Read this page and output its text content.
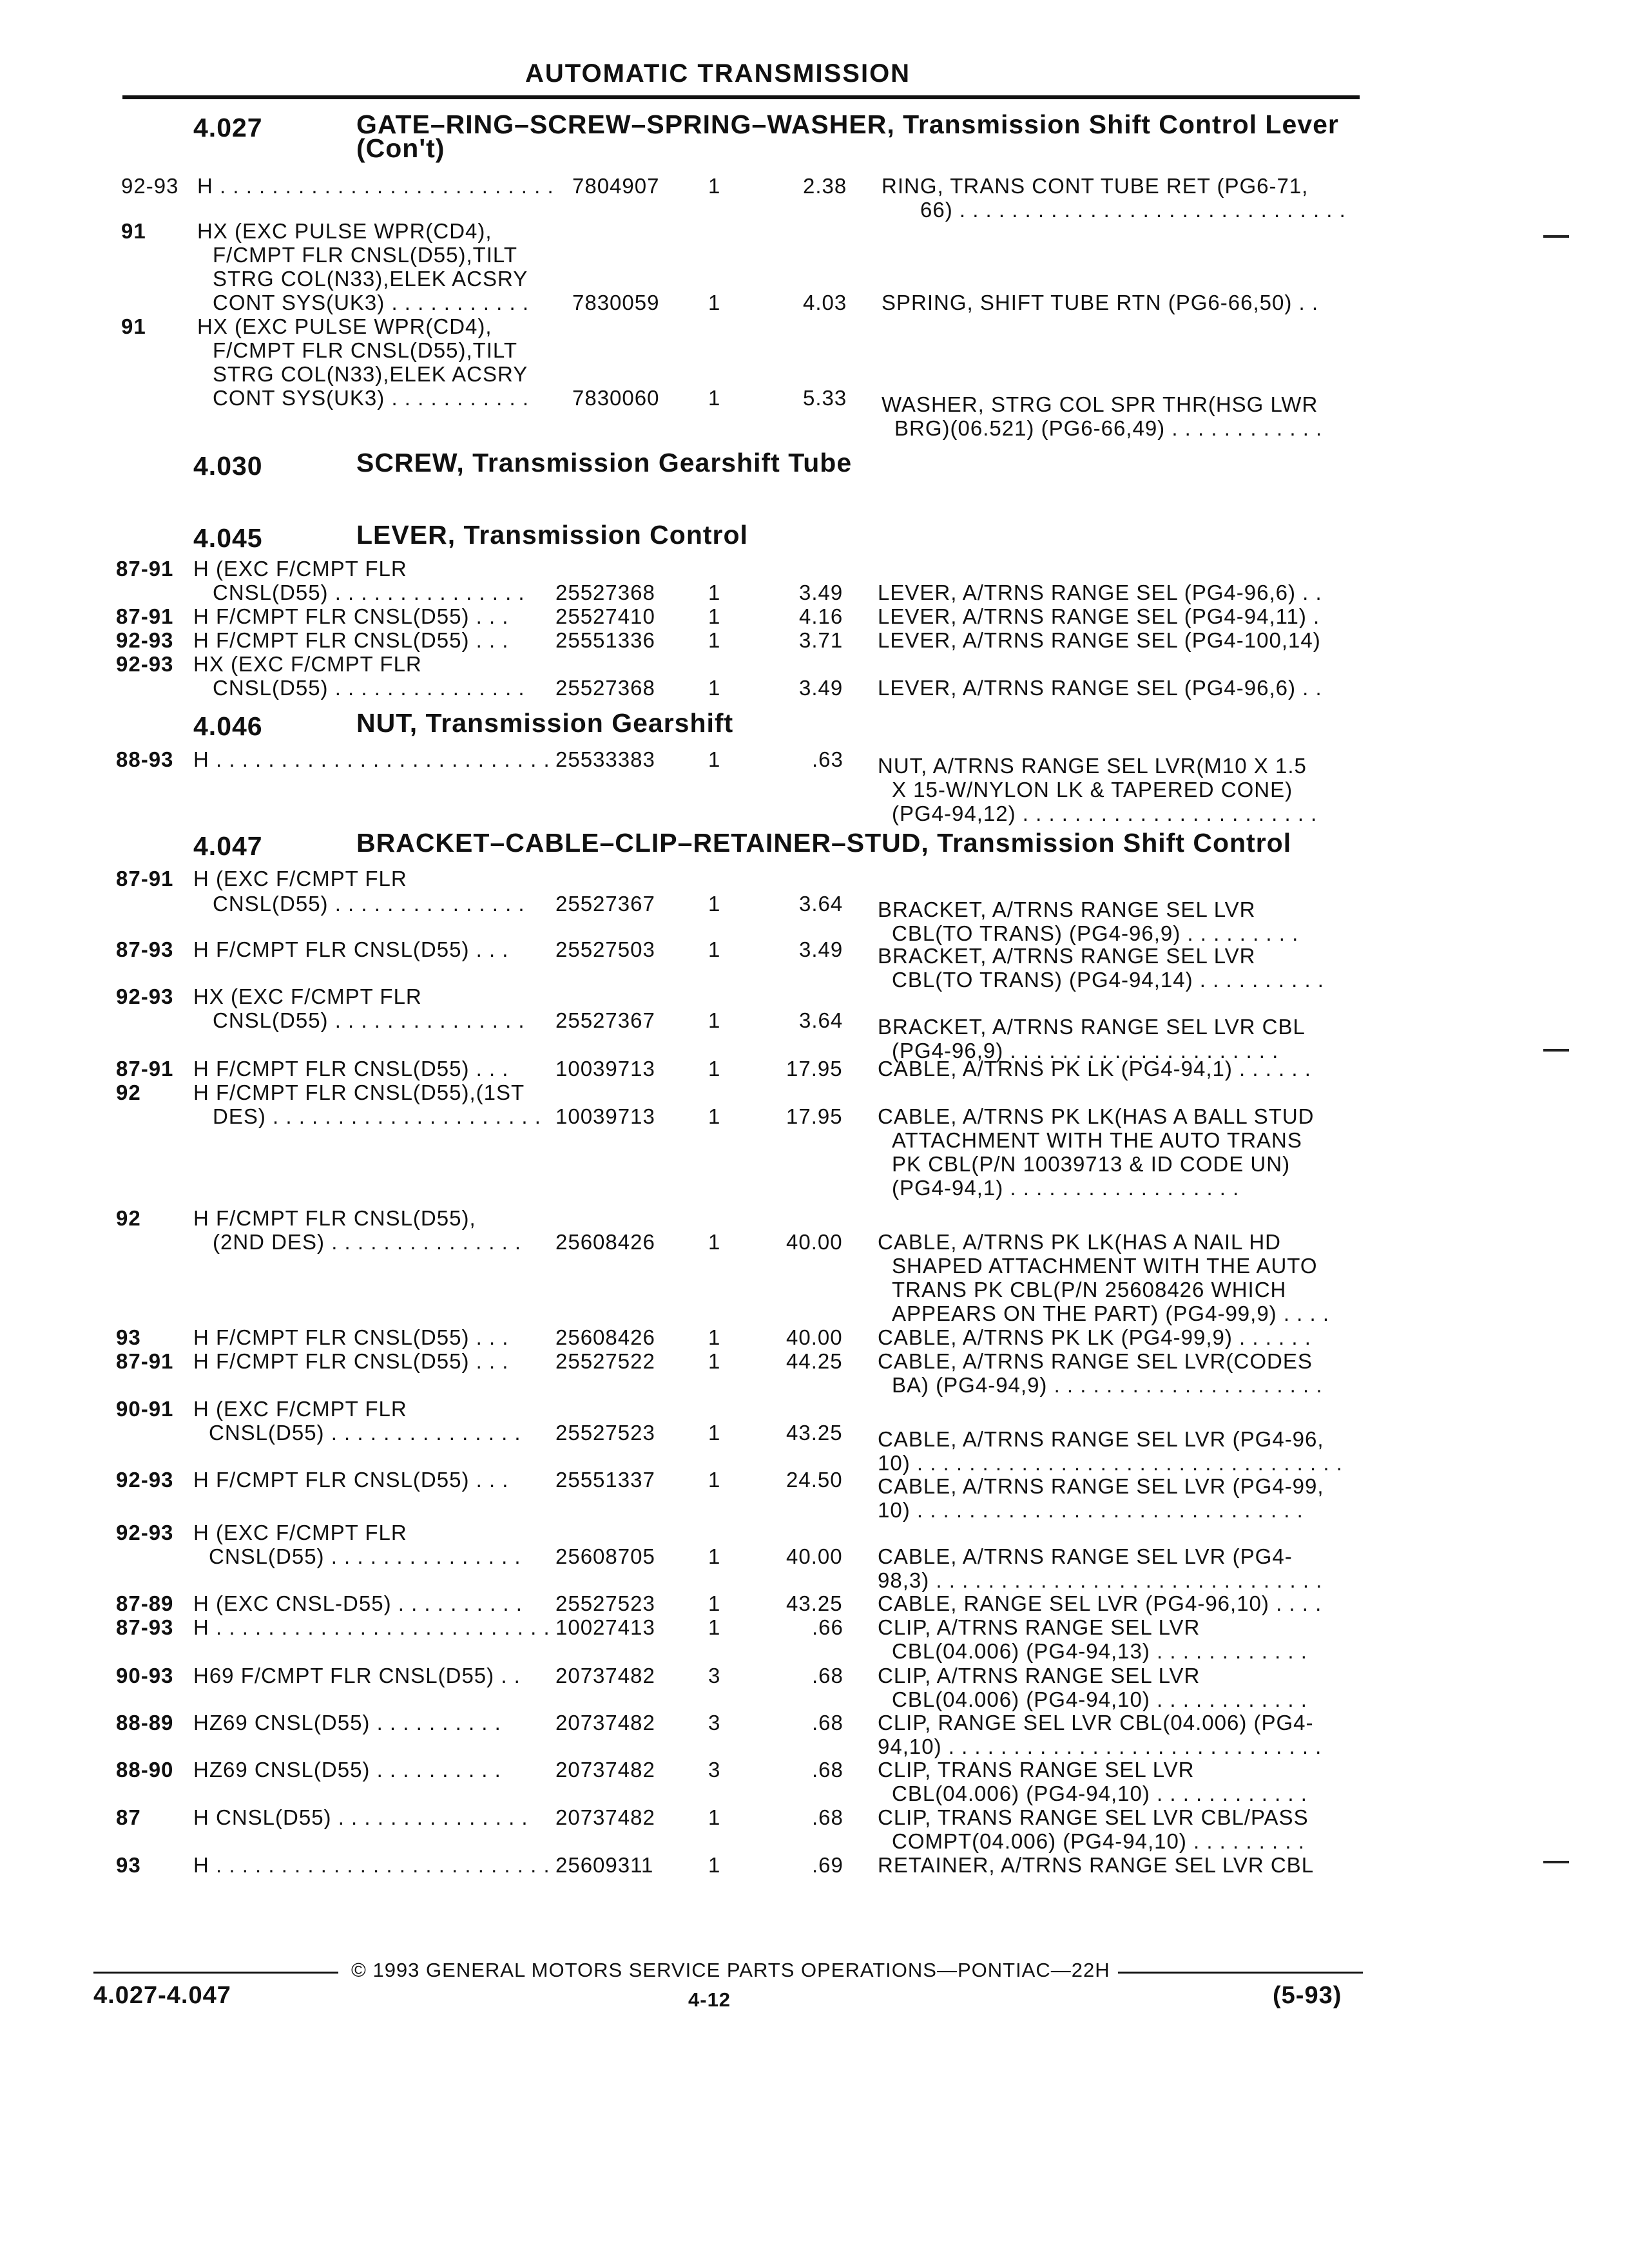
AUTOMATIC TRANSMISSION
4.027	GATE–RING–SCREW–SPRING–WASHER, Transmission Shift Control Lever (Con't)
92-93 H . . .	7804907 1	2.38 RING, TRANS CONT TUBE RET (PG6-71,
66) . . .
91 HX (EXC PULSE WPR(CD4),
F/CMPT FLR CNSL(D55),TILT
STRG COL(N33),ELEK ACSRY
CONT SYS(UK3) . . .	7830059 1	4.03 SPRING, SHIFT TUBE RTN (PG6-66,50) . . .
91 HX (EXC PULSE WPR(CD4),
F/CMPT FLR CNSL(D55),TILT
STRG COL(N33),ELEK ACSRY
CONT SYS(UK3) . . .	7830060 1	5.33 WASHER, STRG COL SPR THR(HSG LWR
BRG)(06.521) (PG6-66,49) . . .
4.030	SCREW, Transmission Gearshift Tube
4.045	LEVER, Transmission Control
87-91 H (EXC F/CMPT FLR
CNSL(D55) . . .	25527368 1	3.49 LEVER, A/TRNS RANGE SEL (PG4-96,6) . . .
87-91 H F/CMPT FLR CNSL(D55) . . .	25527410 1	4.16 LEVER, A/TRNS RANGE SEL (PG4-94,11) .
92-93 H F/CMPT FLR CNSL(D55) . . .	25551336 1	3.71 LEVER, A/TRNS RANGE SEL (PG4-100,14)
92-93 HX (EXC F/CMPT FLR
CNSL(D55) . . .	25527368 1	3.49 LEVER, A/TRNS RANGE SEL (PG4-96,6) . . .
4.046	NUT, Transmission Gearshift
88-93 H . . .	25533383 1	.63 NUT, A/TRNS RANGE SEL LVR(M10 X 1.5
X 15-W/NYLON LK & TAPERED CONE)
(PG4-94,12) . . .
4.047	BRACKET–CABLE–CLIP–RETAINER–STUD, Transmission Shift Control
87-91 H (EXC F/CMPT FLR
CNSL(D55) . . .	25527367 1	3.64 BRACKET, A/TRNS RANGE SEL LVR
CBL(TO TRANS) (PG4-96,9) . . .
87-93 H F/CMPT FLR CNSL(D55) . . .	25527503 1	3.49 BRACKET, A/TRNS RANGE SEL LVR
CBL(TO TRANS) (PG4-94,14) . . .
92-93 HX (EXC F/CMPT FLR
CNSL(D55) . . .	25527367 1	3.64 BRACKET, A/TRNS RANGE SEL LVR CBL
(PG4-96,9) . . .
87-91 H F/CMPT FLR CNSL(D55) . . .	10039713 1	17.95 CABLE, A/TRNS PK LK (PG4-94,1) . . .
92 H F/CMPT FLR CNSL(D55),(1ST
DES) . . .	10039713 1	17.95 CABLE, A/TRNS PK LK(HAS A BALL STUD
ATTACHMENT WITH THE AUTO TRANS
PK CBL(P/N 10039713 & ID CODE UN)
(PG4-94,1) . . .
92 H F/CMPT FLR CNSL(D55),
(2ND DES) . . .	25608426 1	40.00 CABLE, A/TRNS PK LK(HAS A NAIL HD
SHAPED ATTACHMENT WITH THE AUTO
TRANS PK CBL(P/N 25608426 WHICH
APPEARS ON THE PART) (PG4-99,9) . . .
93 H F/CMPT FLR CNSL(D55) . . .	25608426 1	40.00 CABLE, A/TRNS PK LK (PG4-99,9) . . .
87-91 H F/CMPT FLR CNSL(D55) . . .	25527522 1	44.25 CABLE, A/TRNS RANGE SEL LVR(CODES
BA) (PG4-94,9) . . .
90-91 H (EXC F/CMPT FLR
CNSL(D55) . . .	25527523 1	43.25 CABLE, A/TRNS RANGE SEL LVR (PG4-96,
10) . . .
92-93 H F/CMPT FLR CNSL(D55) . . .	25551337 1	24.50 CABLE, A/TRNS RANGE SEL LVR (PG4-99,
10) . . .
92-93 H (EXC F/CMPT FLR
CNSL(D55) . . .	25608705 1	40.00 CABLE, A/TRNS RANGE SEL LVR (PG4-
98,3) . . .
87-89 H (EXC CNSL-D55) . . .	25527523 1	43.25 CABLE, RANGE SEL LVR (PG4-96,10) . . .
87-93 H . . .	10027413 1	.66 CLIP, A/TRNS RANGE SEL LVR
CBL(04.006) (PG4-94,13) . . .
90-93 H69 F/CMPT FLR CNSL(D55) . . .	20737482 3	.68 CLIP, A/TRNS RANGE SEL LVR
CBL(04.006) (PG4-94,10) . . .
88-89 HZ69 CNSL(D55) . . .	20737482 3	.68 CLIP, RANGE SEL LVR CBL(04.006) (PG4-
94,10) . . .
88-90 HZ69 CNSL(D55) . . .	20737482 3	.68 CLIP, TRANS RANGE SEL LVR
CBL(04.006) (PG4-94,10) . . .
87 H CNSL(D55) . . .	20737482 1	.68 CLIP, TRANS RANGE SEL LVR CBL/PASS
COMPT(04.006) (PG4-94,10) . . .
93 H . . .	25609311	1	.69 RETAINER, A/TRNS RANGE SEL LVR CBL
© 1993 GENERAL MOTORS SERVICE PARTS OPERATIONS—PONTIAC—22H
4.027-4.047	4-12	(5-93)
